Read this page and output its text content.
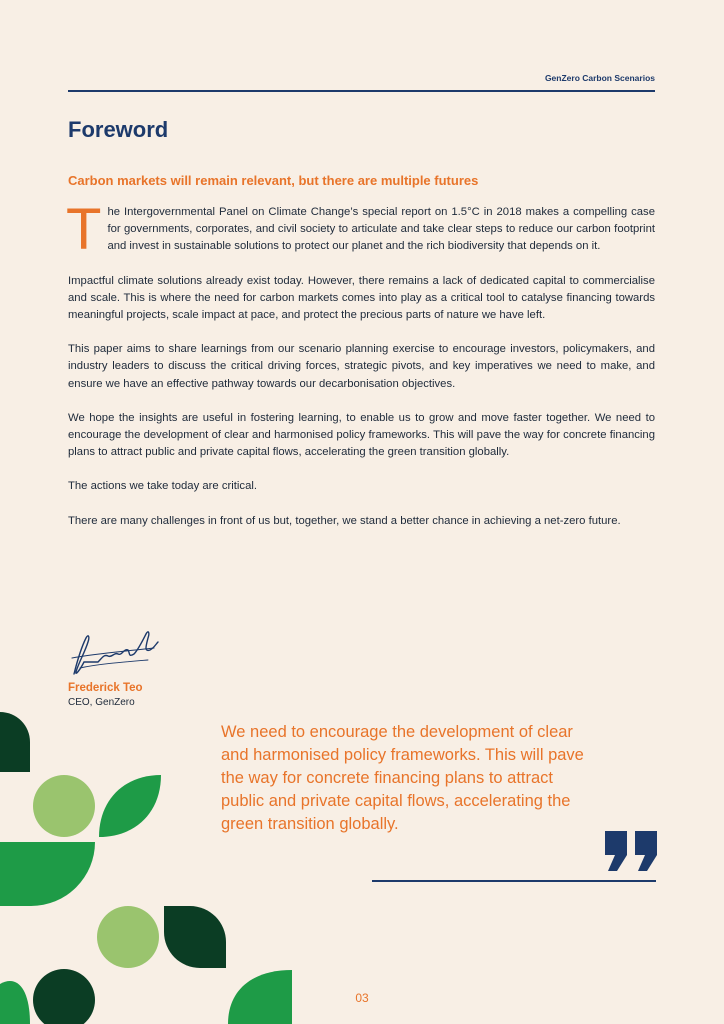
GenZero Carbon Scenarios
Foreword
Carbon markets will remain relevant, but there are multiple futures

The Intergovernmental Panel on Climate Change’s special report on 1.5°C in 2018 makes a compelling case for governments, corporates, and civil society to articulate and take clear steps to reduce our carbon footprint and invest in sustainable solutions to protect our planet and the rich biodiversity that depends on it.

Impactful climate solutions already exist today. However, there remains a lack of dedicated capital to commercialise and scale. This is where the need for carbon markets comes into play as a critical tool to catalyse financing towards meaningful projects, scale impact at pace, and protect the precious parts of nature we have left.

This paper aims to share learnings from our scenario planning exercise to encourage investors, policymakers, and industry leaders to discuss the critical driving forces, strategic pivots, and key imperatives we need to make, and ensure we have an effective pathway towards our decarbonisation objectives.

We hope the insights are useful in fostering learning, to enable us to grow and move faster together. We need to encourage the development of clear and harmonised policy frameworks. This will pave the way for concrete financing plans to attract public and private capital flows, accelerating the green transition globally.

The actions we take today are critical.

There are many challenges in front of us but, together, we stand a better chance in achieving a net-zero future.

Frederick Teo
CEO, GenZero
We need to encourage the development of clear and harmonised policy frameworks. This will pave the way for concrete financing plans to attract public and private capital flows, accelerating the green transition globally.
03
